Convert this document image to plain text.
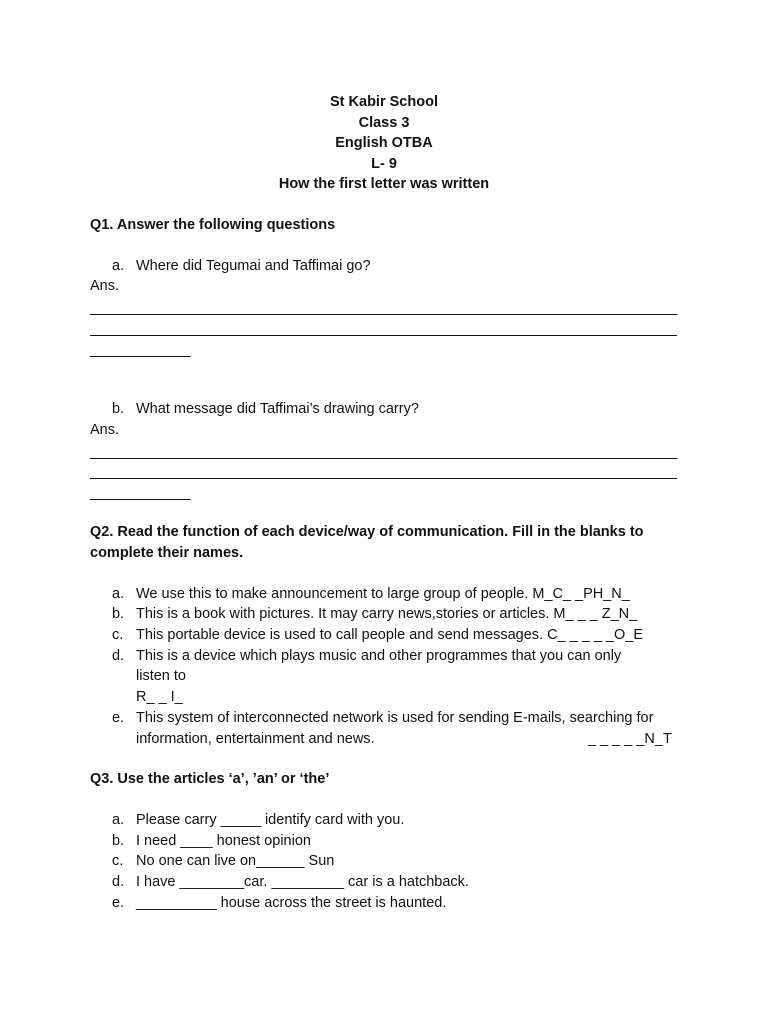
St Kabir School
Class 3
English OTBA
L- 9
How the first letter was written
Q1. Answer the following questions
a. Where did Tegumai and Taffimai go?
Ans.
b. What message did Taffimai’s drawing carry?
Ans.
Q2. Read the function of each device/way of communication. Fill in the blanks to
complete their names.
a. We use this to make announcement to large group of people. M_C_ _PH_N_
b. This is a book with pictures. It may carry news,stories or articles. M_ _ _ Z_N_
c. This portable device is used to call people and send messages. C_ _ _ _ _O_E
d. This is a device which plays music and other programmes that you can only
listen to
R_ _ I_
e. This system of interconnected network is used for sending E-mails, searching for
information, entertainment and news.	_ _ _ _ _N_T
Q3. Use the articles ‘a’, ’an’ or ‘the’
a. Please carry _____ identify card with you.
b. I need ____ honest opinion
c. No one can live on______ Sun
d. I have ________car. _________ car is a hatchback.
e. __________ house across the street is haunted.
